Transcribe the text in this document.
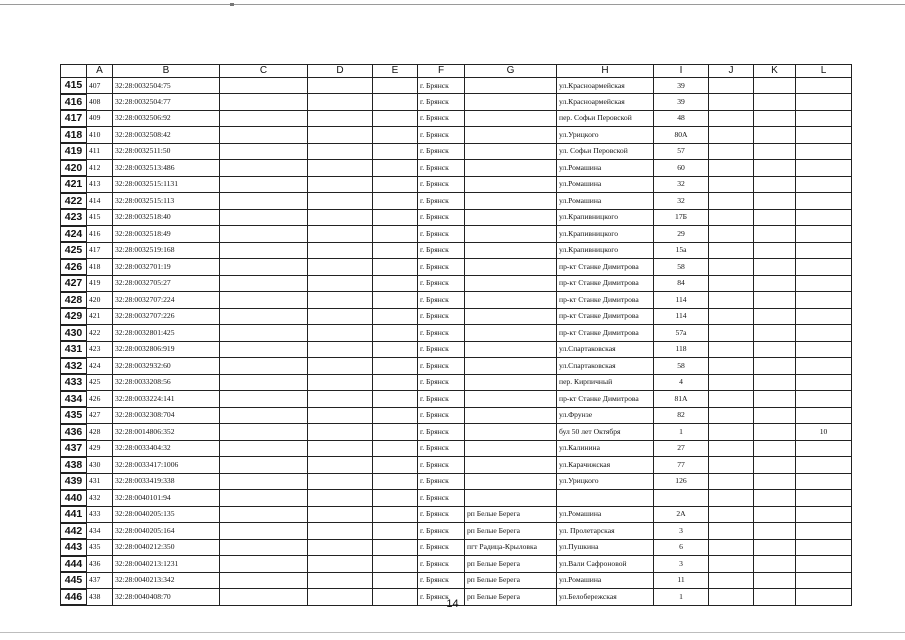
	A	B	C	D	E	F	G	H	I	J	K	L
415	407	32:28:0032504:75				г. Брянск		ул.Красноармейская	39			
416	408	32:28:0032504:77				г. Брянск		ул.Красноармейская	39			
417	409	32:28:0032506:92				г. Брянск		пер. Софьи Перовской	48			
418	410	32:28:0032508:42				г. Брянск		ул.Урицкого	80А			
419	411	32:28:0032511:50				г. Брянск		ул. Софьи Перовской	57			
420	412	32:28:0032513:486				г. Брянск		ул.Ромашина	60			
421	413	32:28:0032515:1131				г. Брянск		ул.Ромашина	32			
422	414	32:28:0032515:113				г. Брянск		ул.Ромашина	32			
423	415	32:28:0032518:40				г. Брянск		ул.Крапивницкого	17Б			
424	416	32:28:0032518:49				г. Брянск		ул.Крапивницкого	29			
425	417	32:28:0032519:168				г. Брянск		ул.Крапивницкого	15а			
426	418	32:28:0032701:19				г. Брянск		пр-кт Станке Димитрова	58			
427	419	32:28:0032705:27				г. Брянск		пр-кт Станке Димитрова	84			
428	420	32:28:0032707:224				г. Брянск		пр-кт Станке Димитрова	114			
429	421	32:28:0032707:226				г. Брянск		пр-кт Станке Димитрова	114			
430	422	32:28:0032801:425				г. Брянск		пр-кт Станке Димитрова	57а			
431	423	32:28:0032806:919				г. Брянск		ул.Спартаковская	118			
432	424	32:28:0032932:60				г. Брянск		ул.Спартаковская	58			
433	425	32:28:0033208:56				г. Брянск		пер. Кирпичный	4			
434	426	32:28:0033224:141				г. Брянск		пр-кт Станке Димитрова	81А			
435	427	32:28:0032308:704				г. Брянск		ул.Фрунзе	82			
436	428	32:28:0014806:352				г. Брянск		бул 50 лет Октября	1			10
437	429	32:28:0033404:32				г. Брянск		ул.Калинина	27			
438	430	32:28:0033417:1006				г. Брянск		ул.Карачижская	77			
439	431	32:28:0033419:338				г. Брянск		ул.Урицкого	126			
440	432	32:28:0040101:94				г. Брянск						
441	433	32:28:0040205:135				г. Брянск	рп Белые Берега	ул.Ромашина	2А			
442	434	32:28:0040205:164				г. Брянск	рп Белые Берега	ул. Пролетарская	3			
443	435	32:28:0040212:350				г. Брянск	пгт Радица-Крыловка	ул.Пушкина	6			
444	436	32:28:0040213:1231				г. Брянск	рп Белые Берега	ул.Вали Сафроновой	3			
445	437	32:28:0040213:342				г. Брянск	рп Белые Берега	ул.Ромашина	11			
446	438	32:28:0040408:70				г. Брянск	рп Белые Берега	ул.Белобережская	1			
14
